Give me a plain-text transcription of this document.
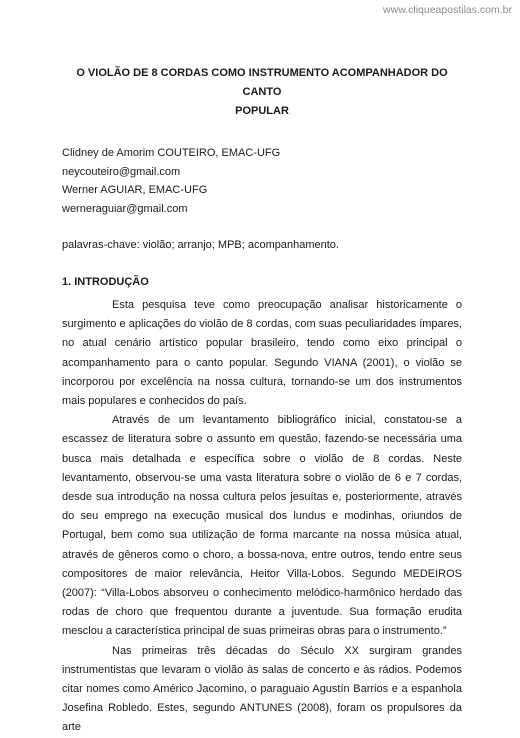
www.cliqueapostilas.com.br
O VIOLÃO DE 8 CORDAS COMO INSTRUMENTO ACOMPANHADOR DO CANTO
POPULAR
Clidney de Amorim COUTEIRO, EMAC-UFG
neycouteiro@gmail.com
Werner AGUIAR, EMAC-UFG
werneraguiar@gmail.com
palavras-chave: violão; arranjo; MPB; acompanhamento.
1. INTRODUÇÃO

Esta pesquisa teve como preocupação analisar historicamente o surgimento e aplicações do violão de 8 cordas, com suas peculiaridades ímpares, no atual cenário artístico popular brasileiro, tendo como eixo principal o acompanhamento para o canto popular. Segundo VIANA (2001), o violão se incorporou por excelência na nossa cultura, tornando-se um dos instrumentos mais populares e conhecidos do país.

Através de um levantamento bibliográfico inicial, constatou-se a escassez de literatura sobre o assunto em questão, fazendo-se necessária uma busca mais detalhada e específica sobre o violão de 8 cordas. Neste levantamento, observou-se uma vasta literatura sobre o violão de 6 e 7 cordas, desde sua introdução na nossa cultura pelos jesuítas e, posteriormente, através do seu emprego na execução musical dos lundus e modinhas, oriundos de Portugal, bem como sua utilização de forma marcante na nossa música atual, através de gêneros como o choro, a bossa-nova, entre outros, tendo entre seus compositores de maior relevância, Heitor Villa-Lobos. Segundo MEDEIROS (2007): “Villa-Lobos absorveu o conhecimento melódico-harmônico herdado das rodas de choro que frequentou durante a juventude. Sua formação erudita mesclou a característica principal de suas primeiras obras para o instrumento.”

Nas primeiras três décadas do Século XX surgiram grandes instrumentistas que levaram o violão às salas de concerto e às rádios. Podemos citar nomes como Américo Jacomino, o paraguaio Agustín Barrios e a espanhola Josefina Robledo. Estes, segundo ANTUNES (2008), foram os propulsores da arte
